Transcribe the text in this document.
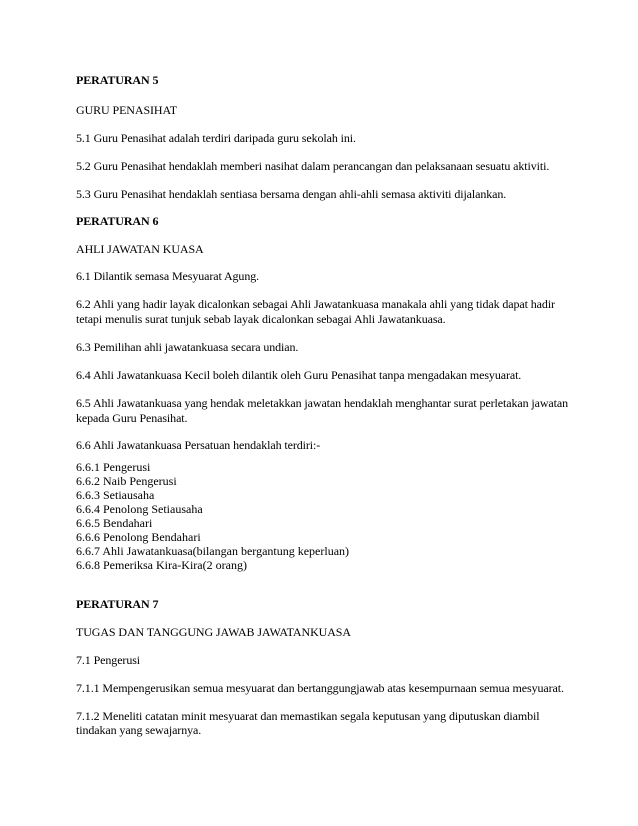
PERATURAN 5
GURU PENASIHAT
5.1 Guru Penasihat adalah terdiri daripada guru sekolah ini.
5.2 Guru Penasihat hendaklah memberi nasihat dalam perancangan dan pelaksanaan sesuatu aktiviti.
5.3 Guru Penasihat hendaklah sentiasa bersama dengan ahli-ahli semasa aktiviti dijalankan.
PERATURAN 6
AHLI JAWATAN KUASA
6.1 Dilantik semasa Mesyuarat Agung.
6.2 Ahli yang hadir layak dicalonkan sebagai Ahli Jawatankuasa manakala ahli yang tidak dapat hadir
tetapi menulis surat tunjuk sebab layak dicalonkan sebagai Ahli Jawatankuasa.
6.3 Pemilihan ahli jawatankuasa secara undian.
6.4 Ahli Jawatankuasa Kecil boleh dilantik oleh Guru Penasihat tanpa mengadakan mesyuarat.
6.5 Ahli Jawatankuasa yang hendak meletakkan jawatan hendaklah menghantar surat perletakan jawatan
kepada Guru Penasihat.
6.6 Ahli Jawatankuasa Persatuan hendaklah terdiri:-
6.6.1 Pengerusi
6.6.2 Naib Pengerusi
6.6.3 Setiausaha
6.6.4 Penolong Setiausaha
6.6.5 Bendahari
6.6.6 Penolong Bendahari
6.6.7 Ahli Jawatankuasa(bilangan bergantung keperluan)
6.6.8 Pemeriksa Kira-Kira(2 orang)
PERATURAN 7
TUGAS DAN TANGGUNG JAWAB JAWATANKUASA
7.1 Pengerusi
7.1.1 Mempengerusikan semua mesyuarat dan bertanggungjawab atas kesempurnaan semua mesyuarat.
7.1.2 Meneliti catatan minit mesyuarat dan memastikan segala keputusan yang diputuskan diambil
tindakan yang sewajarnya.
